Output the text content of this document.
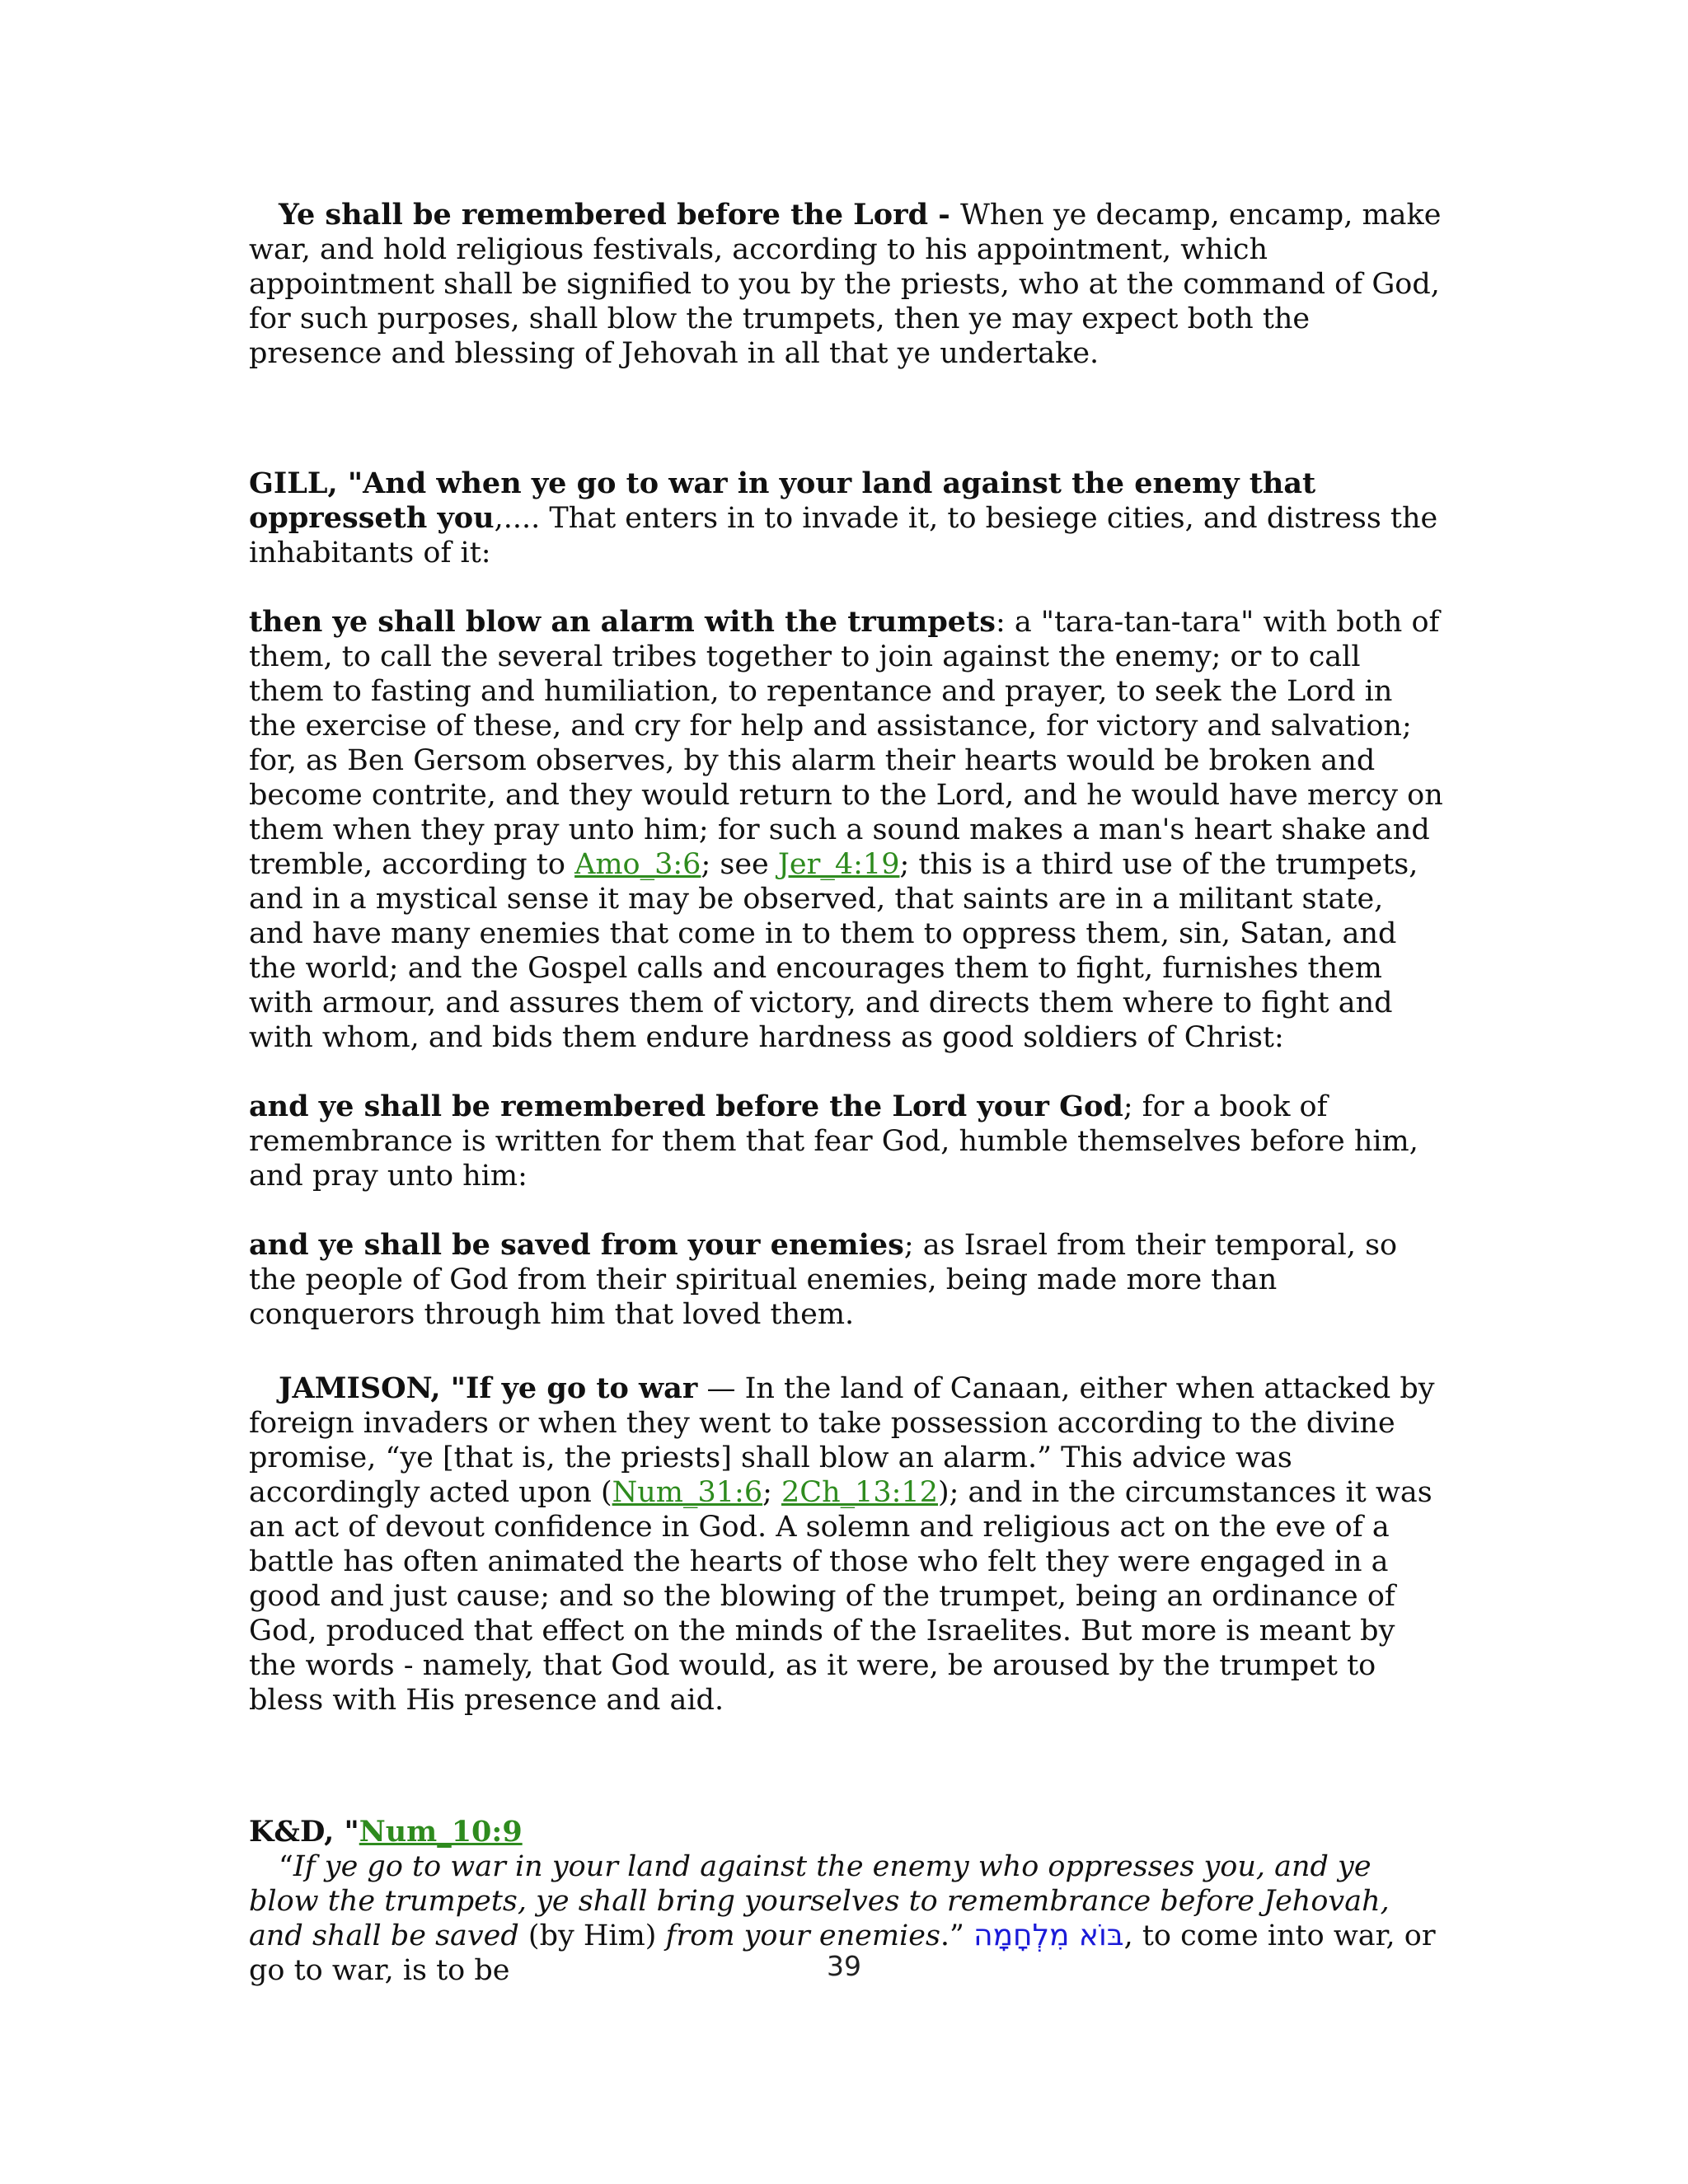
Ye shall be remembered before the Lord - When ye decamp, encamp, make war, and hold religious festivals, according to his appointment, which appointment shall be signified to you by the priests, who at the command of God, for such purposes, shall blow the trumpets, then ye may expect both the presence and blessing of Jehovah in all that ye undertake.

GILL, "And when ye go to war in your land against the enemy that oppresseth you,.... That enters in to invade it, to besiege cities, and distress the inhabitants of it:

then ye shall blow an alarm with the trumpets: a "tara-tan-tara" with both of them, to call the several tribes together to join against the enemy; or to call them to fasting and humiliation, to repentance and prayer, to seek the Lord in the exercise of these, and cry for help and assistance, for victory and salvation; for, as Ben Gersom observes, by this alarm their hearts would be broken and become contrite, and they would return to the Lord, and he would have mercy on them when they pray unto him; for such a sound makes a man's heart shake and tremble, according to Amo_3:6; see Jer_4:19; this is a third use of the trumpets, and in a mystical sense it may be observed, that saints are in a militant state, and have many enemies that come in to them to oppress them, sin, Satan, and the world; and the Gospel calls and encourages them to fight, furnishes them with armour, and assures them of victory, and directs them where to fight and with whom, and bids them endure hardness as good soldiers of Christ:

and ye shall be remembered before the Lord your God; for a book of remembrance is written for them that fear God, humble themselves before him, and pray unto him:

and ye shall be saved from your enemies; as Israel from their temporal, so the people of God from their spiritual enemies, being made more than conquerors through him that loved them.

JAMISON, "If ye go to war — In the land of Canaan, either when attacked by foreign invaders or when they went to take possession according to the divine promise, “ye [that is, the priests] shall blow an alarm.” This advice was accordingly acted upon (Num_31:6; 2Ch_13:12); and in the circumstances it was an act of devout confidence in God. A solemn and religious act on the eve of a battle has often animated the hearts of those who felt they were engaged in a good and just cause; and so the blowing of the trumpet, being an ordinance of God, produced that effect on the minds of the Israelites. But more is meant by the words - namely, that God would, as it were, be aroused by the trumpet to bless with His presence and aid.

K&D, "Num_10:9

“If ye go to war in your land against the enemy who oppresses you, and ye blow the trumpets, ye shall bring yourselves to remembrance before Jehovah, and shall be saved (by Him) from your enemies.” בּוֹא מִלְחָמָה, to come into war, or go to war, is to be	39
